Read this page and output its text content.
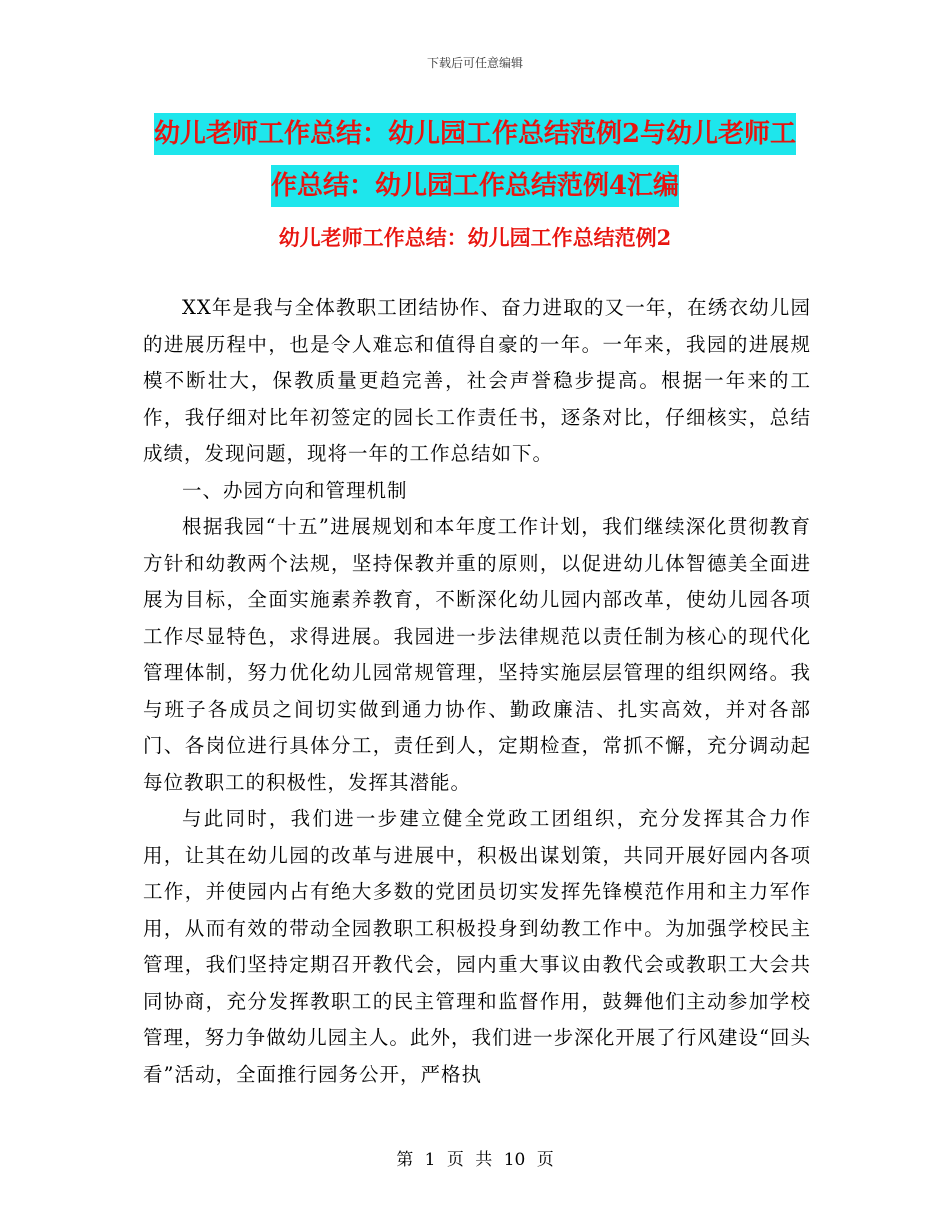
下载后可任意编辑
幼儿老师工作总结：幼儿园工作总结范例2与幼儿老师工作总结：幼儿园工作总结范例4汇编
幼儿老师工作总结：幼儿园工作总结范例2

XX年是我与全体教职工团结协作、奋力进取的又一年，在绣衣幼儿园的进展历程中，也是令人难忘和值得自豪的一年。一年来，我园的进展规模不断壮大，保教质量更趋完善，社会声誉稳步提高。根据一年来的工作，我仔细对比年初签定的园长工作责任书，逐条对比，仔细核实，总结成绩，发现问题，现将一年的工作总结如下。

一、办园方向和管理机制

根据我园“十五”进展规划和本年度工作计划，我们继续深化贯彻教育方针和幼教两个法规，坚持保教并重的原则，以促进幼儿体智德美全面进展为目标，全面实施素养教育，不断深化幼儿园内部改革，使幼儿园各项工作尽显特色，求得进展。我园进一步法律规范以责任制为核心的现代化管理体制，努力优化幼儿园常规管理，坚持实施层层管理的组织网络。我与班子各成员之间切实做到通力协作、勤政廉洁、扎实高效，并对各部门、各岗位进行具体分工，责任到人，定期检查，常抓不懈，充分调动起每位教职工的积极性，发挥其潜能。

与此同时，我们进一步建立健全党政工团组织，充分发挥其合力作用，让其在幼儿园的改革与进展中，积极出谋划策，共同开展好园内各项工作，并使园内占有绝大多数的党团员切实发挥先锋模范作用和主力军作用，从而有效的带动全园教职工积极投身到幼教工作中。为加强学校民主管理，我们坚持定期召开教代会，园内重大事议由教代会或教职工大会共同协商，充分发挥教职工的民主管理和监督作用，鼓舞他们主动参加学校管理，努力争做幼儿园主人。此外，我们进一步深化开展了行风建设“回头看”活动，全面推行园务公开，严格执

第 1 页 共 10 页
